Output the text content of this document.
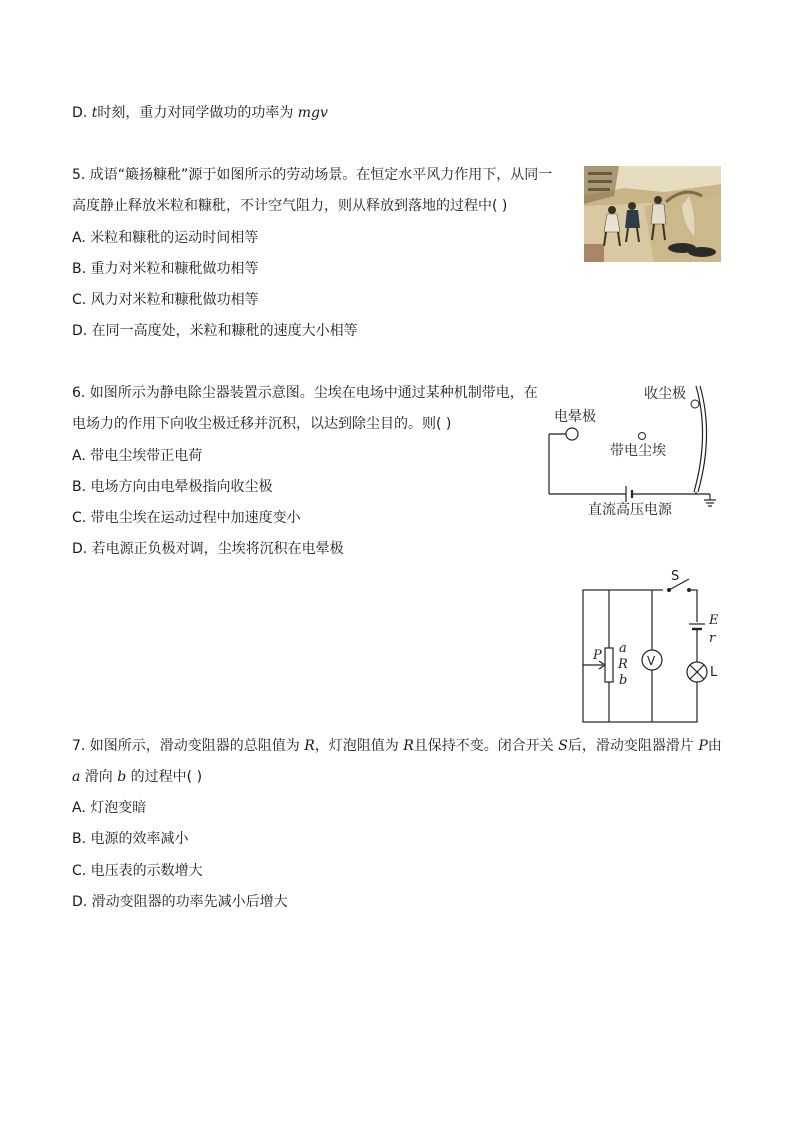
D. t时刻，重力对同学做功的功率为 mgv
5. 成语“簸扬糠秕”源于如图所示的劳动场景。在恒定水平风力作用下，从同一
高度静止释放米粒和糠秕，不计空气阻力，则从释放到落地的过程中( )
A. 米粒和糠秕的运动时间相等
B. 重力对米粒和糠秕做功相等
C. 风力对米粒和糠秕做功相等
D. 在同一高度处，米粒和糠秕的速度大小相等
6. 如图所示为静电除尘器装置示意图。尘埃在电场中通过某种机制带电，在
电场力的作用下向收尘极迁移并沉积，以达到除尘目的。则( )
A. 带电尘埃带正电荷
B. 电场方向由电晕极指向收尘极
C. 带电尘埃在运动过程中加速度变小
D. 若电源正负极对调，尘埃将沉积在电晕极
收尘极
电晕极
带电尘埃
直流高压电源
P a
R
b
V
S
E
r
L
7. 如图所示，滑动变阻器的总阻值为 R，灯泡阻值为 R且保持不变。闭合开关 S后，滑动变阻器滑片 P由
a 滑向 b 的过程中( )
A. 灯泡变暗
B. 电源的效率减小
C. 电压表的示数增大
D. 滑动变阻器的功率先减小后增大
